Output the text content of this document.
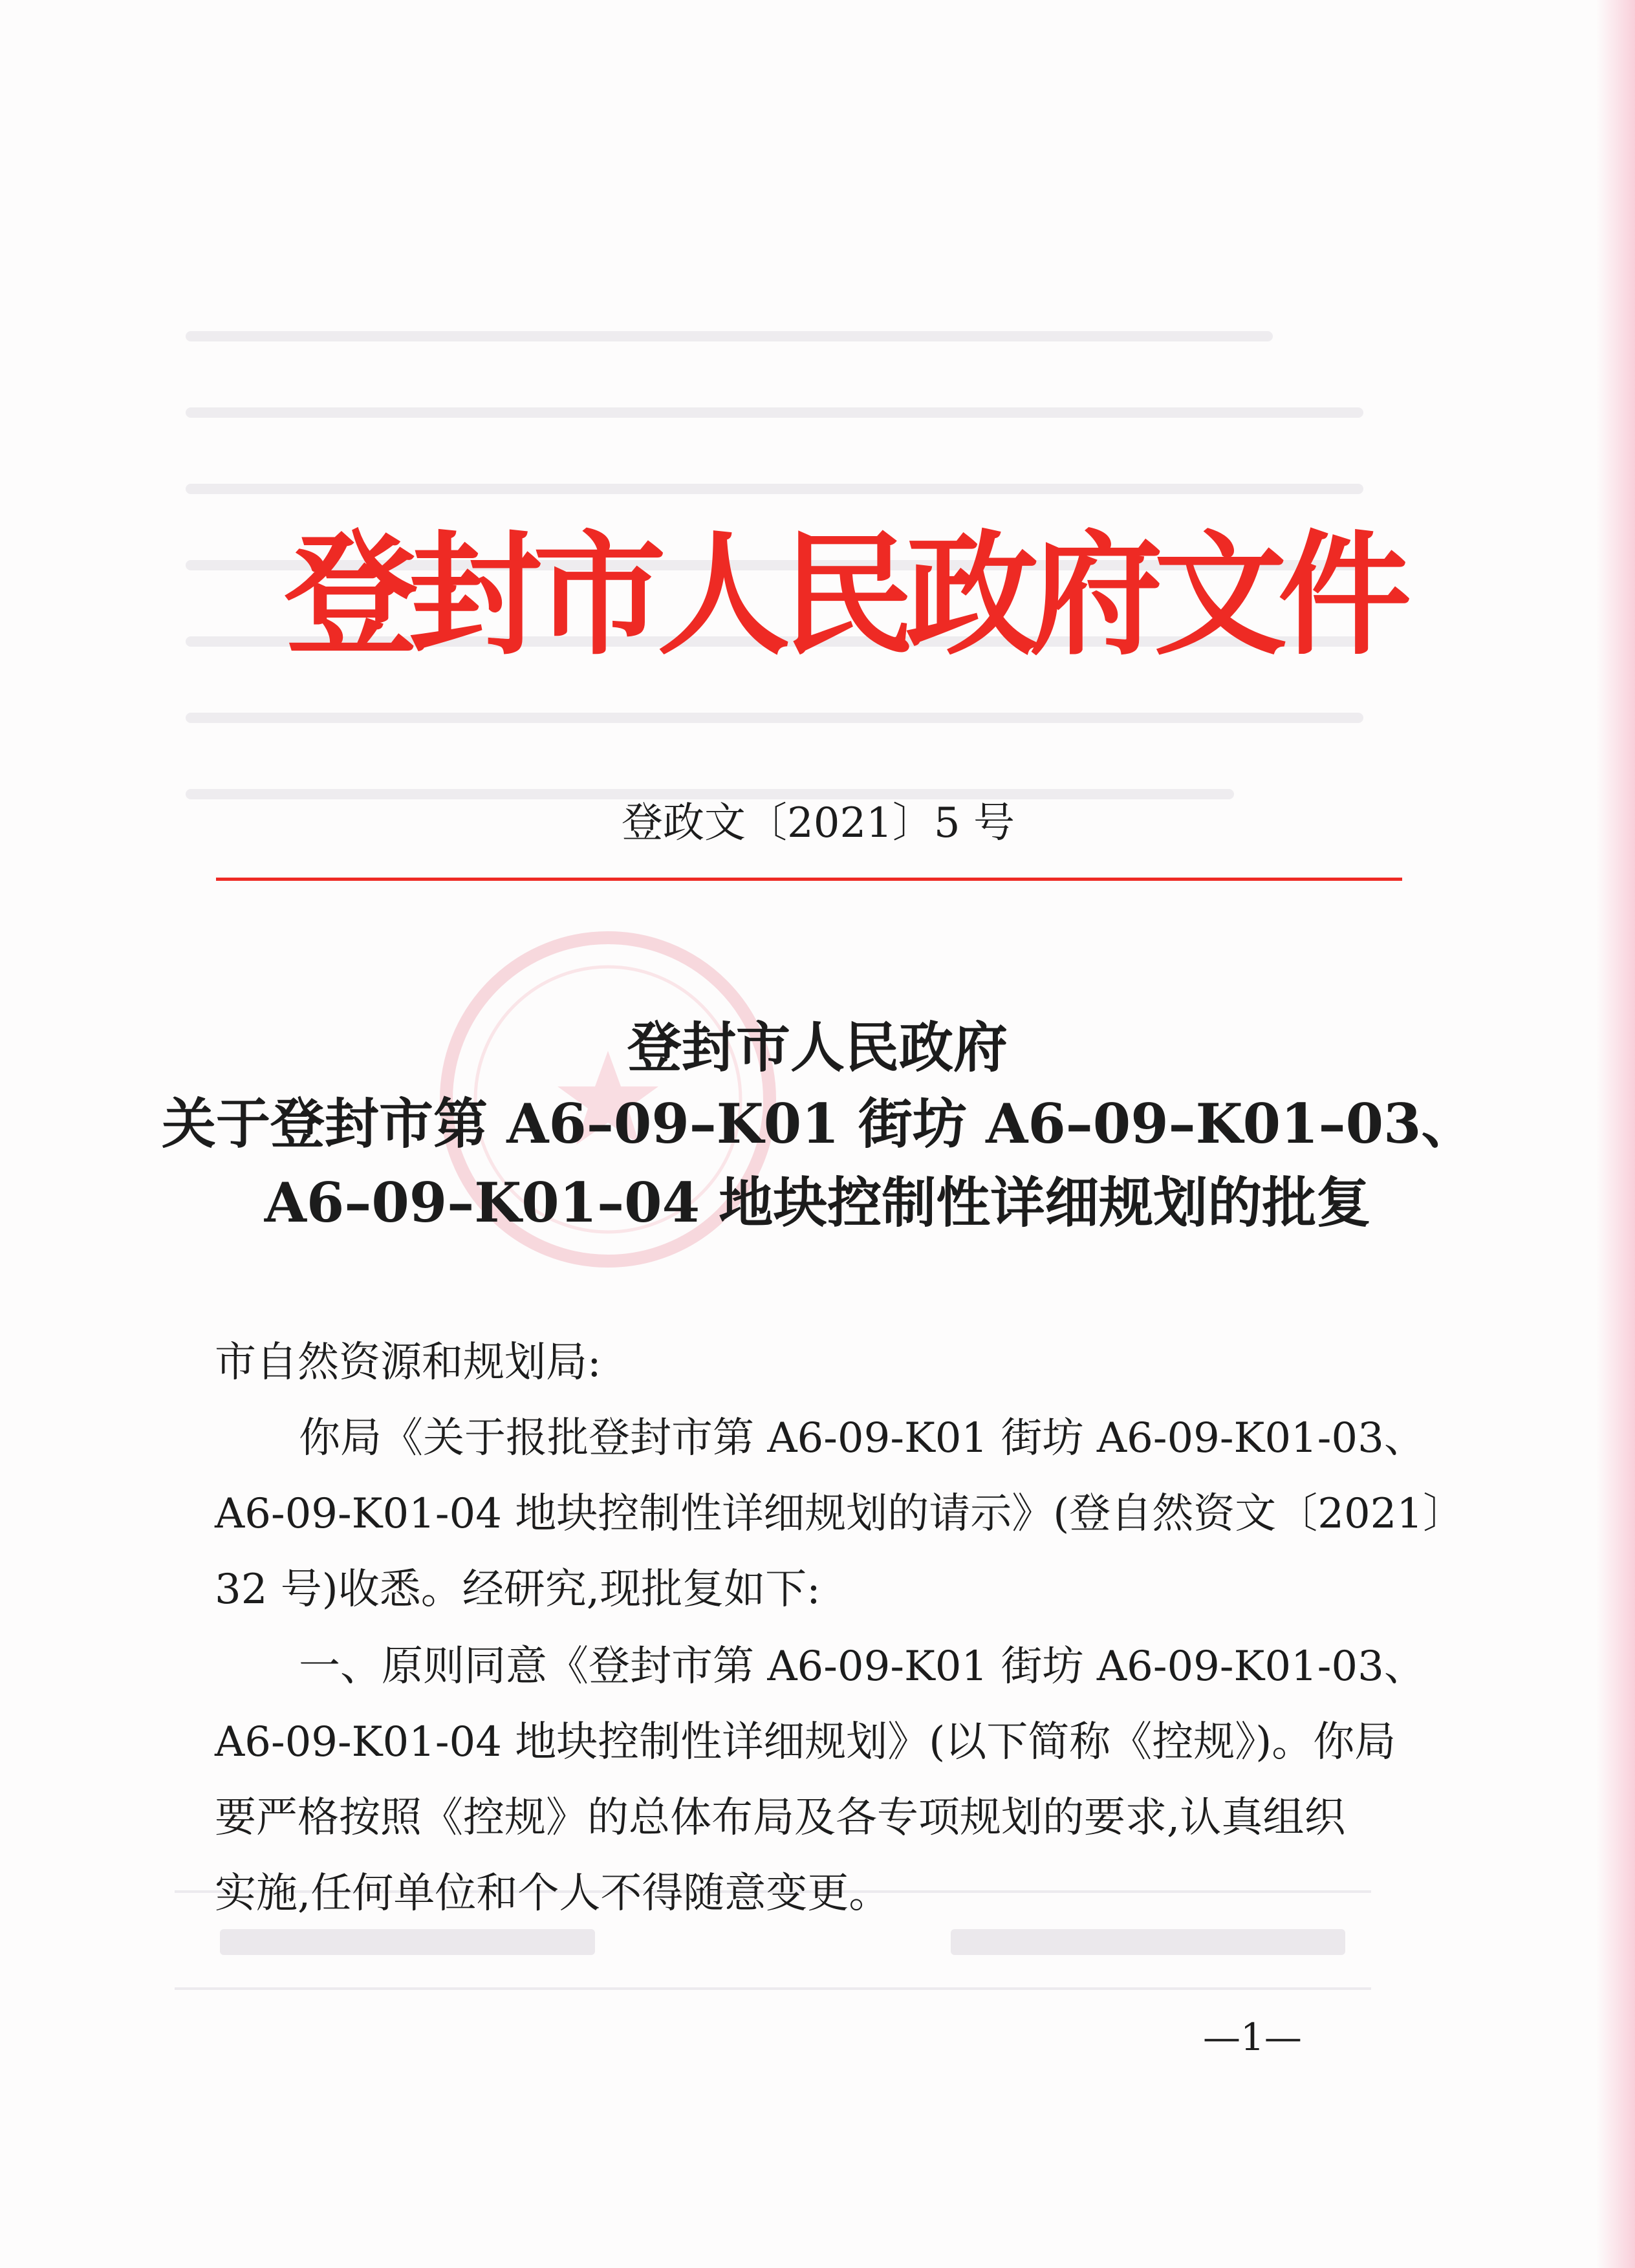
登封市人民政府文件
登政文〔2021〕5 号
登封市人民政府
关于登封市第 A6–09–K01 街坊 A6–09–K01–03、
A6–09–K01–04 地块控制性详细规划的批复
市自然资源和规划局:
你局《关于报批登封市第 A6-09-K01 街坊 A6-09-K01-03、
A6-09-K01-04 地块控制性详细规划的请示》(登自然资文〔2021〕
32 号)收悉。经研究,现批复如下:
一、原则同意《登封市第 A6-09-K01 街坊 A6-09-K01-03、
A6-09-K01-04 地块控制性详细规划》(以下简称《控规》)。你局
要严格按照《控规》的总体布局及各专项规划的要求,认真组织
实施,任何单位和个人不得随意变更。
—1—
